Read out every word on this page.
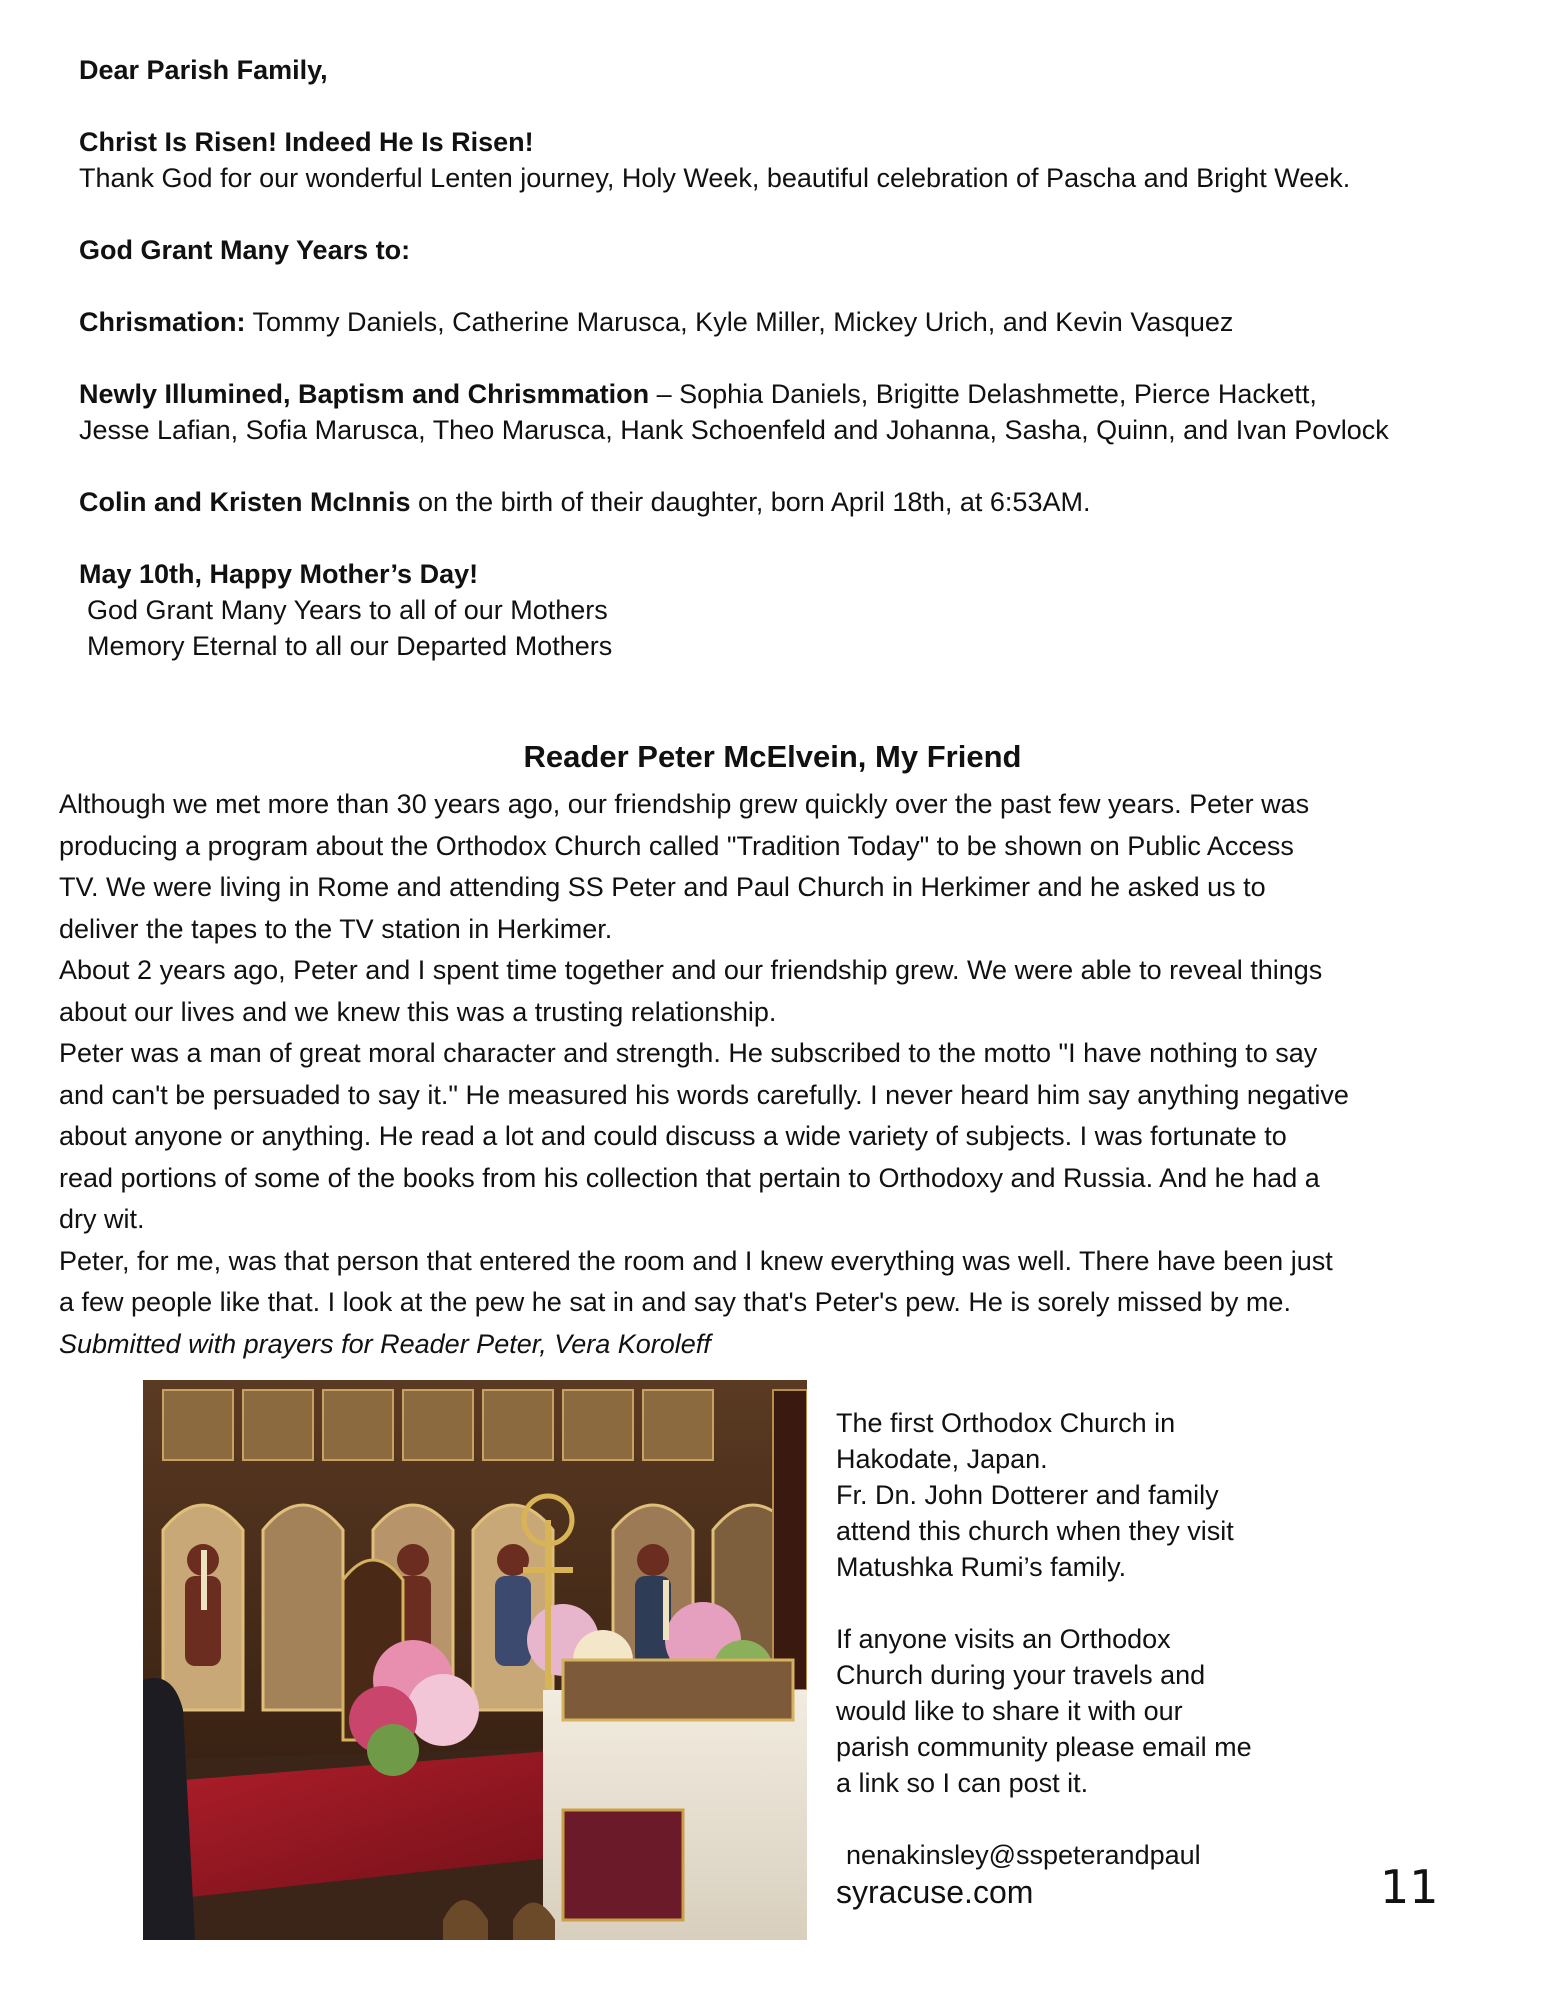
Dear Parish Family,

Christ Is Risen! Indeed He Is Risen!

Thank God for our wonderful Lenten journey, Holy Week, beautiful celebration of Pascha and Bright Week.

God Grant Many Years to:

Chrismation: Tommy Daniels, Catherine Marusca, Kyle Miller, Mickey Urich, and Kevin Vasquez

Newly Illumined, Baptism and Chrismmation – Sophia Daniels, Brigitte Delashmette, Pierce Hackett,

Jesse Lafian, Sofia Marusca, Theo Marusca, Hank Schoenfeld and Johanna, Sasha, Quinn, and Ivan Povlock

Colin and Kristen McInnis on the birth of their daughter, born April 18th, at 6:53AM.

May 10th, Happy Mother’s Day!

God Grant Many Years to all of our Mothers

Memory Eternal to all our Departed Mothers

Reader Peter McElvein, My Friend

Although we met more than 30 years ago, our friendship grew quickly over the past few years. Peter was

producing a program about the Orthodox Church called "Tradition Today" to be shown on Public Access

TV. We were living in Rome and attending SS Peter and Paul Church in Herkimer and he asked us to

deliver the tapes to the TV station in Herkimer.

About 2 years ago, Peter and I spent time together and our friendship grew. We were able to reveal things

about our lives and we knew this was a trusting relationship.

Peter was a man of great moral character and strength. He subscribed to the motto "I have nothing to say

and can't be persuaded to say it." He measured his words carefully. I never heard him say anything negative

about anyone or anything. He read a lot and could discuss a wide variety of subjects. I was fortunate to

read portions of some of the books from his collection that pertain to Orthodoxy and Russia. And he had a

dry wit.

Peter, for me, was that person that entered the room and I knew everything was well. There have been just

a few people like that. I look at the pew he sat in and say that's Peter's pew. He is sorely missed by me.

Submitted with prayers for Reader Peter, Vera Koroleff

The first Orthodox Church in

Hakodate, Japan.

Fr. Dn. John Dotterer and family

attend this church when they visit

Matushka Rumi’s family.

If anyone visits an Orthodox

Church during your travels and

would like to share it with our

parish community please email me

a link so I can post it.

nenakinsley@sspeterandpaul

syracuse.com	11
